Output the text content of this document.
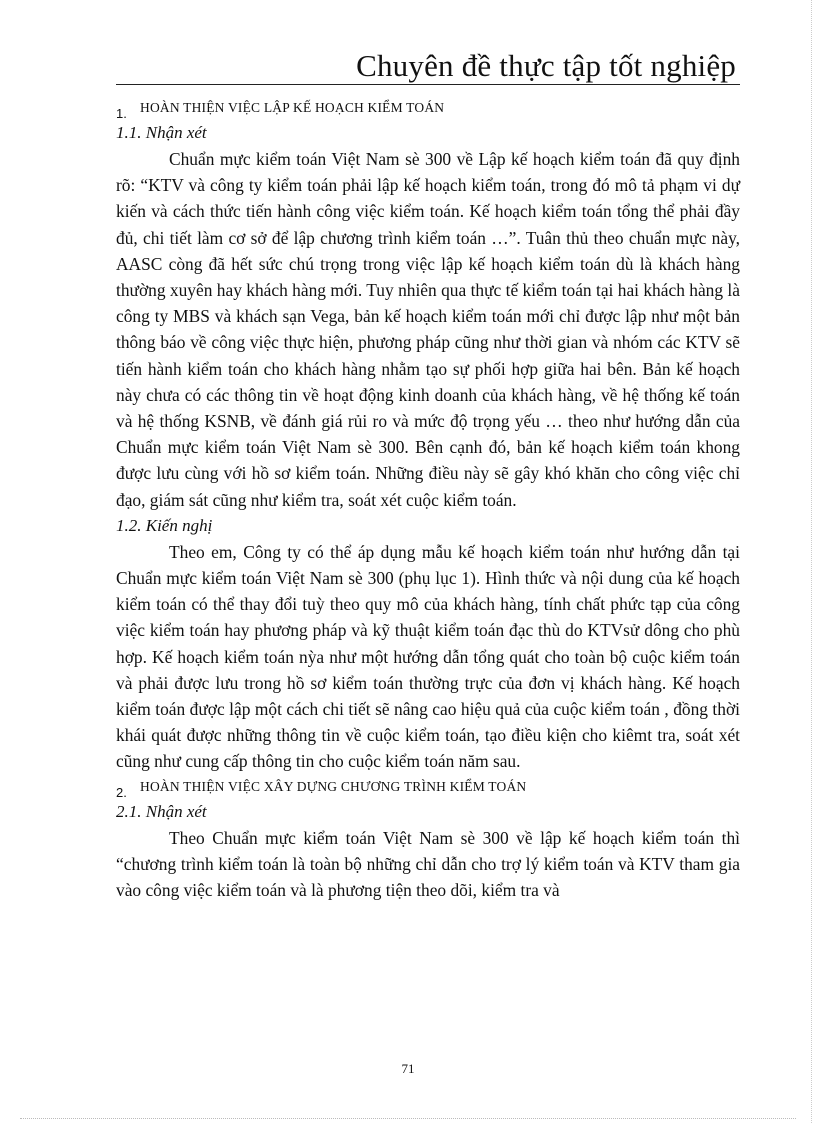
Chuyên đề thực tập tốt nghiệp
1. HOÀN THIỆN VIỆC LẬP KẾ HOẠCH KIỂM TOÁN
1.1. Nhận xét

Chuẩn mực kiểm toán Việt Nam sè 300 về Lập kế hoạch kiểm toán đã quy định rõ: “KTV và công ty kiểm toán phải lập kế hoạch kiểm toán, trong đó mô tả phạm vi dự kiến và cách thức tiến hành công việc kiểm toán. Kế hoạch kiểm toán tổng thể phải đầy đủ, chi tiết làm cơ sở để lập chương trình kiểm toán …”. Tuân thủ theo chuẩn mực này, AASC còng đã hết sức chú trọng trong việc lập kế hoạch kiểm toán dù là khách hàng thường xuyên hay khách hàng mới. Tuy nhiên qua thực tế kiểm toán tại hai khách hàng là công ty MBS và khách sạn Vega, bản kế hoạch kiểm toán mới chỉ được lập như một bản thông báo về công việc thực hiện, phương pháp cũng như thời gian và nhóm các KTV sẽ tiến hành kiểm toán cho khách hàng nhằm tạo sự phối hợp giữa hai bên. Bản kế hoạch này chưa có các thông tin về hoạt động kinh doanh của khách hàng, về hệ thống kế toán và hệ thống KSNB, về đánh giá rủi ro và mức độ trọng yếu … theo như hướng dẫn của Chuẩn mực kiểm toán Việt Nam sè 300. Bên cạnh đó, bản kế hoạch kiểm toán khong được lưu cùng với hồ sơ kiểm toán. Những điều này sẽ gây khó khăn cho công việc chỉ đạo, giám sát cũng như kiểm tra, soát xét cuộc kiểm toán.

1.2. Kiến nghị

Theo em, Công ty có thể áp dụng mẫu kế hoạch kiểm toán như hướng dẫn tại Chuẩn mực kiểm toán Việt Nam sè 300 (phụ lục 1). Hình thức và nội dung của kế hoạch kiểm toán có thể thay đổi tuỳ theo quy mô của khách hàng, tính chất phức tạp của công việc kiểm toán hay phương pháp và kỹ thuật kiểm toán đạc thù do KTVsử dông cho phù hợp. Kế hoạch kiểm toán nỳa như một hướng dẫn tổng quát cho toàn bộ cuộc kiểm toán và phải được lưu trong hồ sơ kiểm toán thường trực của đơn vị khách hàng. Kế hoạch kiểm toán được lập một cách chi tiết sẽ nâng cao hiệu quả của cuộc kiểm toán , đồng thời khái quát được những thông tin về cuộc kiểm toán, tạo điều kiện cho kiêmt tra, soát xét cũng như cung cấp thông tin cho cuộc kiểm toán năm sau.

2. HOÀN THIỆN VIỆC XÂY DỰNG CHƯƠNG TRÌNH KIỂM TOÁN
2.1. Nhận xét

Theo Chuẩn mực kiểm toán Việt Nam sè 300 về lập kế hoạch kiểm toán thì “chương trình kiểm toán là toàn bộ những chỉ dẫn cho trợ lý kiểm toán và KTV tham gia vào công việc kiểm toán và là phương tiện theo dõi, kiểm tra và

71
